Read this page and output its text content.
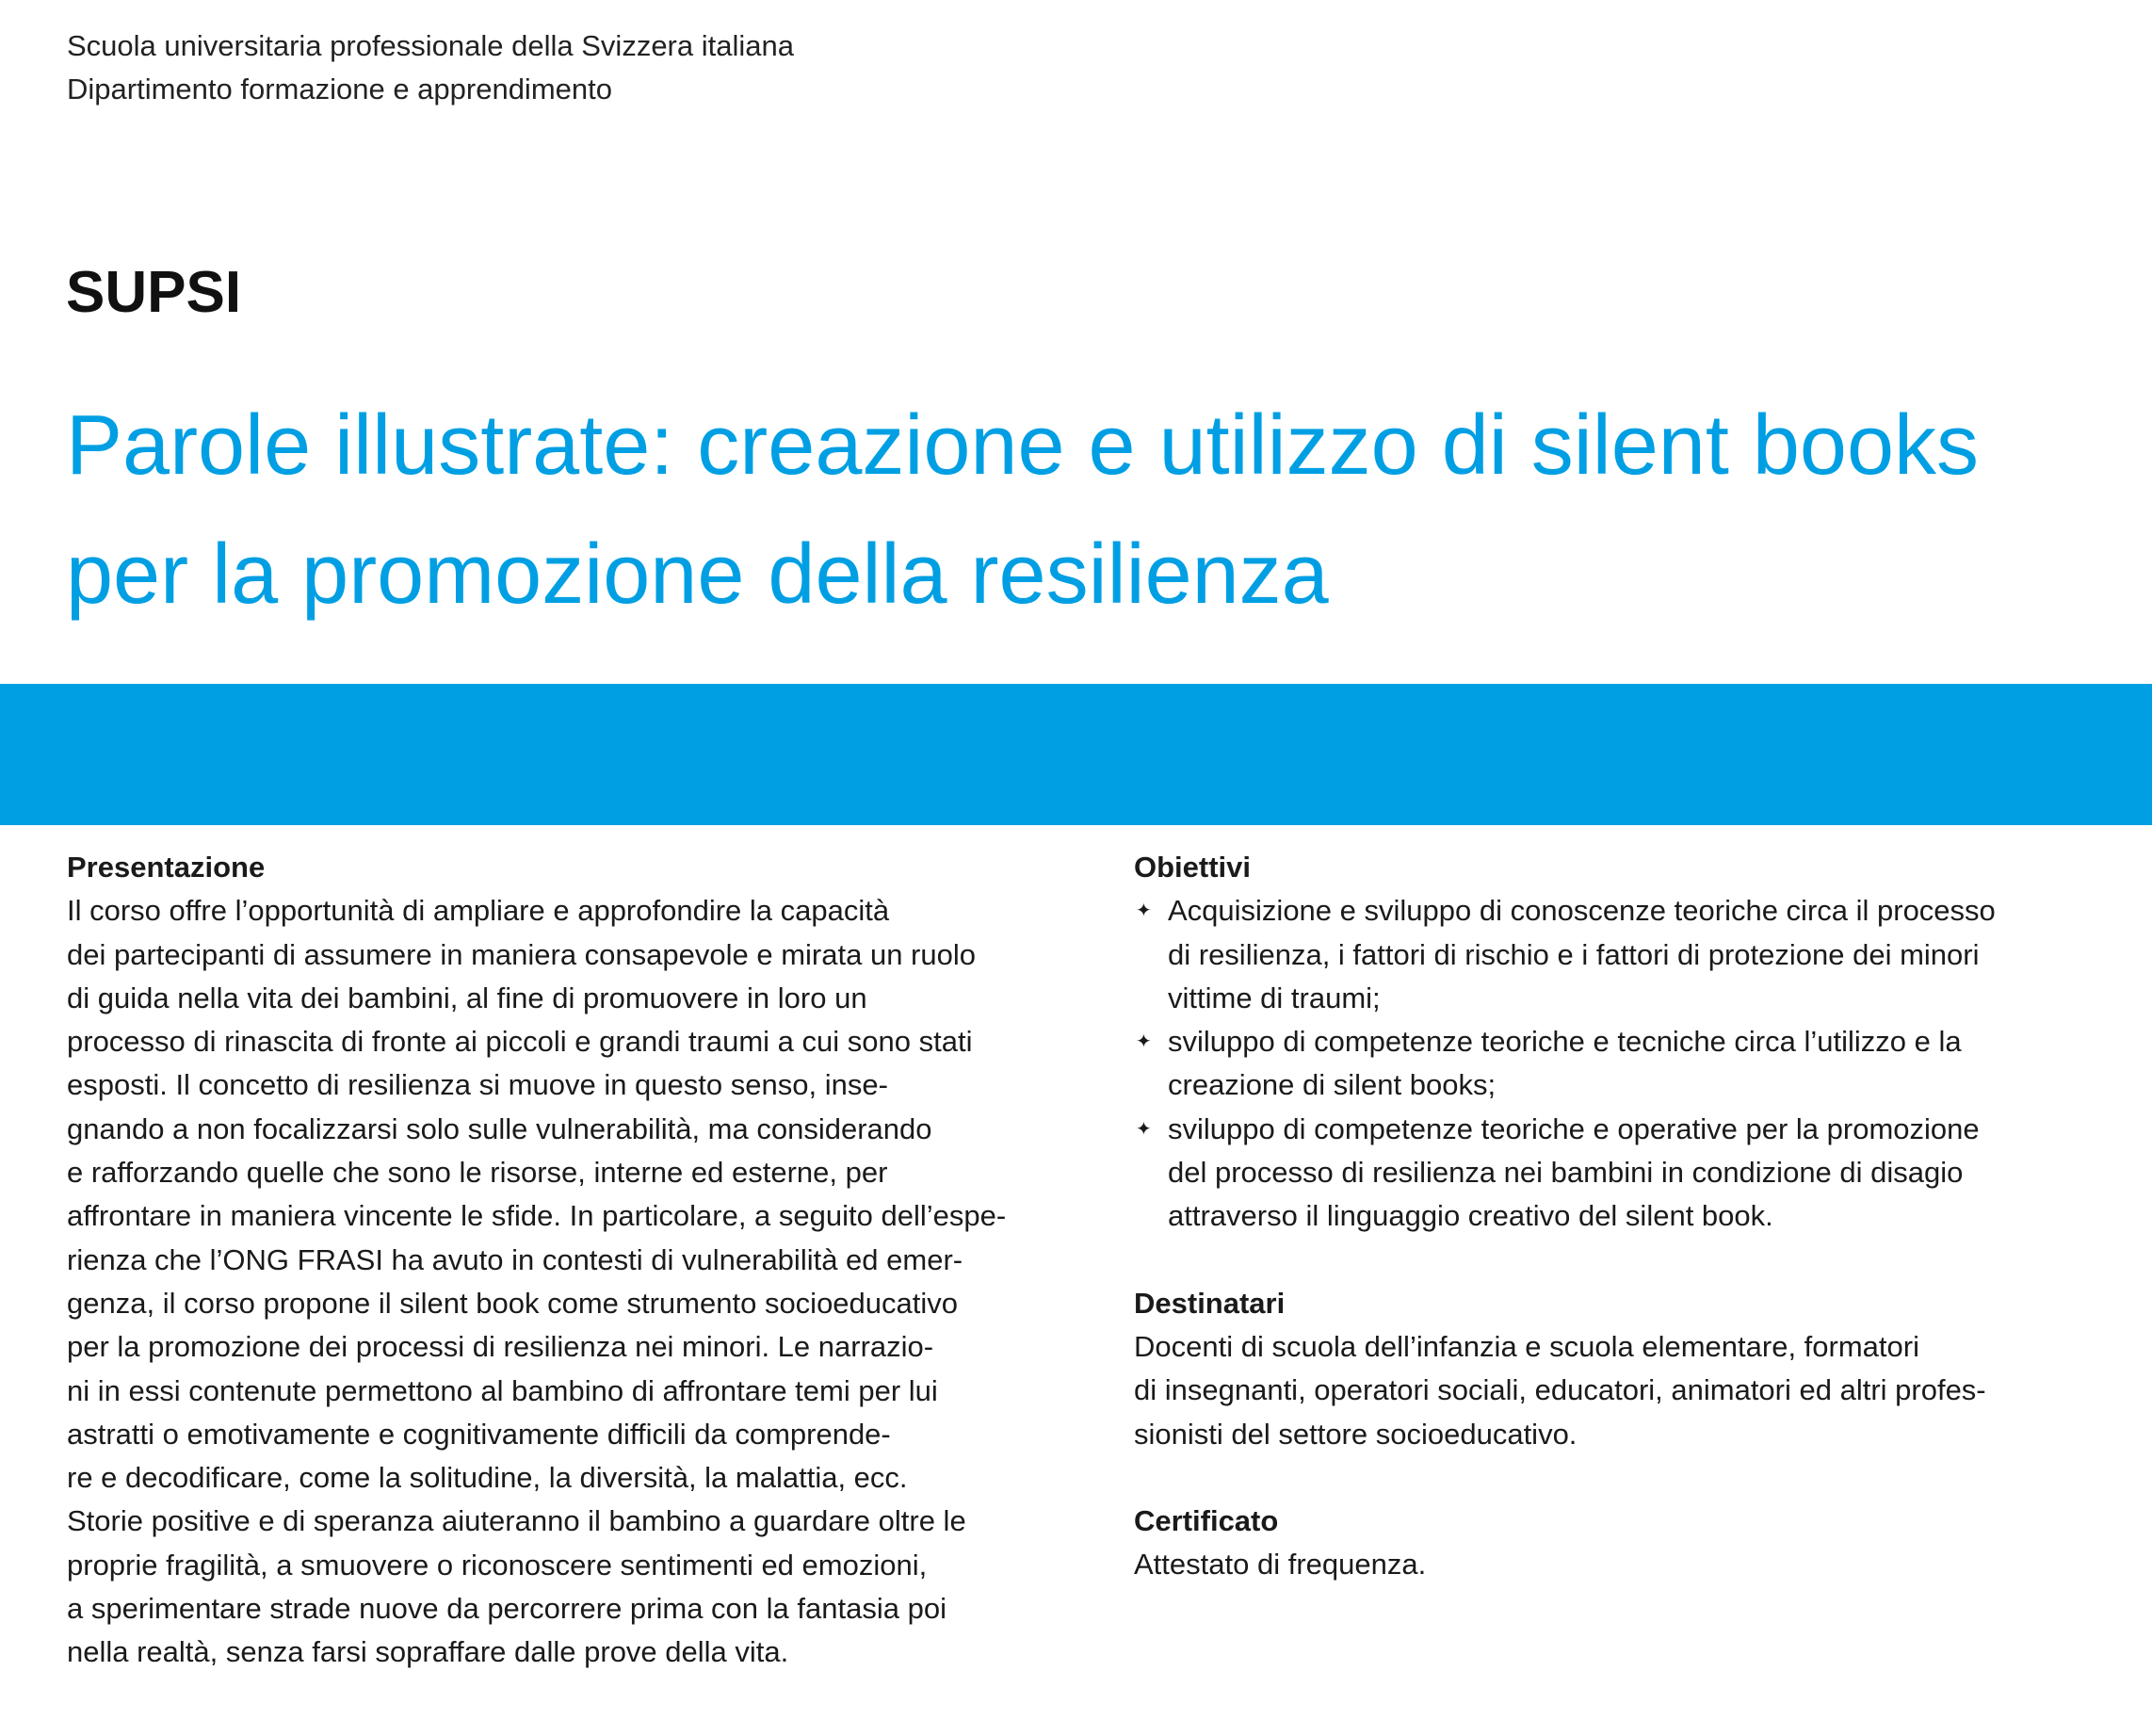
Scuola universitaria professionale della Svizzera italiana
Dipartimento formazione e apprendimento
SUPSI
Parole illustrate: creazione e utilizzo di silent books
per la promozione della resilienza
Presentazione

Il corso offre l’opportunità di ampliare e approfondire la capacità
dei partecipanti di assumere in maniera consapevole e mirata un ruolo
di guida nella vita dei bambini, al fine di promuovere in loro un
processo di rinascita di fronte ai piccoli e grandi traumi a cui sono stati
esposti. Il concetto di resilienza si muove in questo senso, inse-
gnando a non focalizzarsi solo sulle vulnerabilità, ma considerando
e rafforzando quelle che sono le risorse, interne ed esterne, per
affrontare in maniera vincente le sfide. In particolare, a seguito dell’espe-
rienza che l’ONG FRASI ha avuto in contesti di vulnerabilità ed emer-
genza, il corso propone il silent book come strumento socioeducativo
per la promozione dei processi di resilienza nei minori. Le narrazio-
ni in essi contenute permettono al bambino di affrontare temi per lui
astratti o emotivamente e cognitivamente difficili da comprende-
re e decodificare, come la solitudine, la diversità, la malattia, ecc.
Storie positive e di speranza aiuteranno il bambino a guardare oltre le
proprie fragilità, a smuovere o riconoscere sentimenti ed emozioni,
a sperimentare strade nuove da percorrere prima con la fantasia poi
nella realtà, senza farsi sopraffare dalle prove della vita.

Obiettivi
✦ Acquisizione e sviluppo di conoscenze teoriche circa il processo
di resilienza, i fattori di rischio e i fattori di protezione dei minori
vittime di traumi;
✦ sviluppo di competenze teoriche e tecniche circa l’utilizzo e la
creazione di silent books;
✦ sviluppo di competenze teoriche e operative per la promozione
del processo di resilienza nei bambini in condizione di disagio
attraverso il linguaggio creativo del silent book.
Destinatari

Docenti di scuola dell’infanzia e scuola elementare, formatori
di insegnanti, operatori sociali, educatori, animatori ed altri profes-
sionisti del settore socioeducativo.

Certificato

Attestato di frequenza.
